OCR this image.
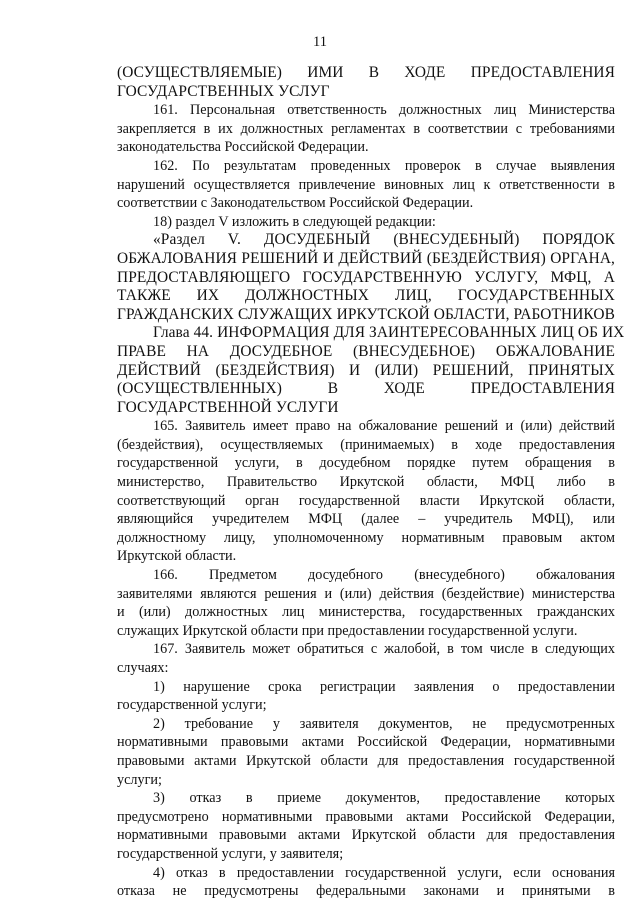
11
(ОСУЩЕСТВЛЯЕМЫЕ) ИМИ В ХОДЕ ПРЕДОСТАВЛЕНИЯ
ГОСУДАРСТВЕННЫХ УСЛУГ
161. Персональная ответственность должностных лиц Министерства
закрепляется в их должностных регламентах в соответствии с требованиями
законодательства Российской Федерации.
162. По результатам проведенных проверок в случае выявления
нарушений осуществляется привлечение виновных лиц к ответственности в
соответствии с Законодательством Российской Федерации.
18) раздел V изложить в следующей редакции:
«Раздел V. ДОСУДЕБНЫЙ (ВНЕСУДЕБНЫЙ) ПОРЯДОК
ОБЖАЛОВАНИЯ РЕШЕНИЙ И ДЕЙСТВИЙ (БЕЗДЕЙСТВИЯ) ОРГАНА,
ПРЕДОСТАВЛЯЮЩЕГО ГОСУДАРСТВЕННУЮ УСЛУГУ, МФЦ, А
ТАКЖЕ ИХ ДОЛЖНОСТНЫХ ЛИЦ, ГОСУДАРСТВЕННЫХ
ГРАЖДАНСКИХ СЛУЖАЩИХ ИРКУТСКОЙ ОБЛАСТИ, РАБОТНИКОВ
Глава 44. ИНФОРМАЦИЯ ДЛЯ ЗАИНТЕРЕСОВАННЫХ ЛИЦ ОБ ИХ
ПРАВЕ НА ДОСУДЕБНОЕ (ВНЕСУДЕБНОЕ) ОБЖАЛОВАНИЕ
ДЕЙСТВИЙ (БЕЗДЕЙСТВИЯ) И (ИЛИ) РЕШЕНИЙ, ПРИНЯТЫХ
(ОСУЩЕСТВЛЕННЫХ) В ХОДЕ ПРЕДОСТАВЛЕНИЯ
ГОСУДАРСТВЕННОЙ УСЛУГИ
165. Заявитель имеет право на обжалование решений и (или) действий
(бездействия), осуществляемых (принимаемых) в ходе предоставления
государственной услуги, в досудебном порядке путем обращения в
министерство, Правительство Иркутской области, МФЦ либо в
соответствующий орган государственной власти Иркутской области,
являющийся учредителем МФЦ (далее – учредитель МФЦ), или
должностному лицу, уполномоченному нормативным правовым актом
Иркутской области.
166. Предметом досудебного (внесудебного) обжалования
заявителями являются решения и (или) действия (бездействие) министерства
и (или) должностных лиц министерства, государственных гражданских
служащих Иркутской области при предоставлении государственной услуги.
167. Заявитель может обратиться с жалобой, в том числе в следующих
случаях:
1) нарушение срока регистрации заявления о предоставлении
государственной услуги;
2) требование у заявителя документов, не предусмотренных
нормативными правовыми актами Российской Федерации, нормативными
правовыми актами Иркутской области для предоставления государственной
услуги;
3) отказ в приеме документов, предоставление которых
предусмотрено нормативными правовыми актами Российской Федерации,
нормативными правовыми актами Иркутской области для предоставления
государственной услуги, у заявителя;
4) отказ в предоставлении государственной услуги, если основания
отказа не предусмотрены федеральными законами и принятыми в
